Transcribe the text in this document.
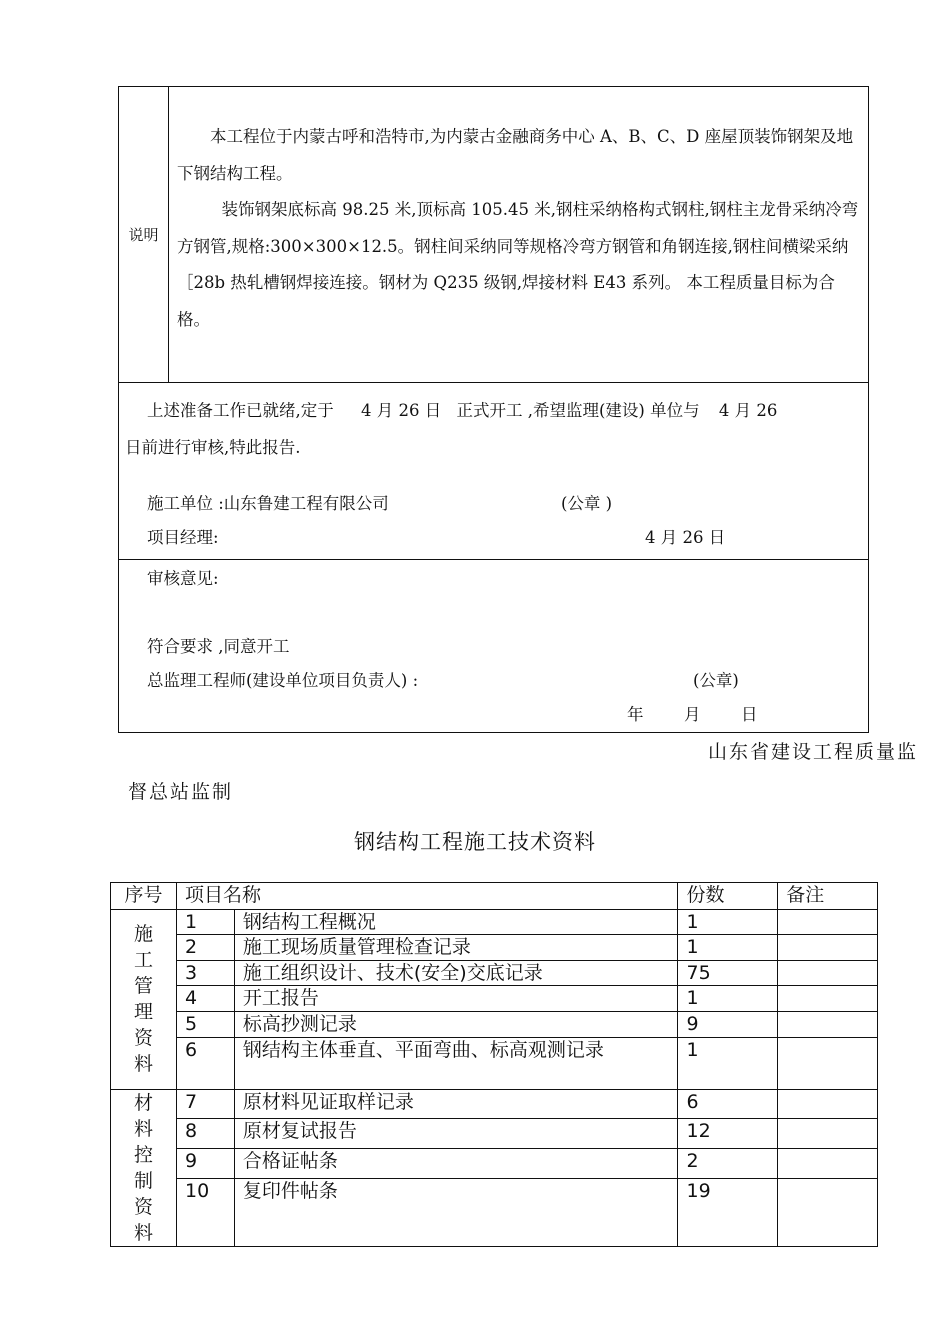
说明

本工程位于内蒙古呼和浩特市,为内蒙古金融商务中心 A、B、C、D 座屋顶装饰钢架及地下钢结构工程。

装饰钢架底标高 98.25 米,顶标高 105.45 米,钢柱采纳格构式钢柱,钢柱主龙骨采纳冷弯方钢管,规格:300×300×12.5。钢柱间采纳同等规格冷弯方钢管和角钢连接,钢柱间横梁采纳［28b 热轧槽钢焊接连接。钢材为 Q235 级钢,焊接材料 E43 系列。 本工程质量目标为合格。

上述准备工作已就绪,定于 4 月 26 日 正式开工 ,希望监理(建设) 单位与 4 月 26
日前进行审核,特此报告.
施工单位 :山东鲁建工程有限公司	(公章 )
项目经理:	4 月 26 日
审核意见:
符合要求 ,同意开工
总监理工程师(建设单位项目负责人) :	(公章)
年 月 日
山东省建设工程质量监
督总站监制
钢结构工程施工技术资料
序号	项目名称		份数	备注
施工管理资料	1	钢结构工程概况	1	
	2	施工现场质量管理检查记录	1	
	3	施工组织设计、技术(安全)交底记录	75	
	4	开工报告	1	
	5	标高抄测记录	9	
	6	钢结构主体垂直、平面弯曲、标高观测记录	1	
材料控制资料	7	原材料见证取样记录	6	
	8	原材复试报告	12	
	9	合格证帖条	2	
	10	复印件帖条	19	
